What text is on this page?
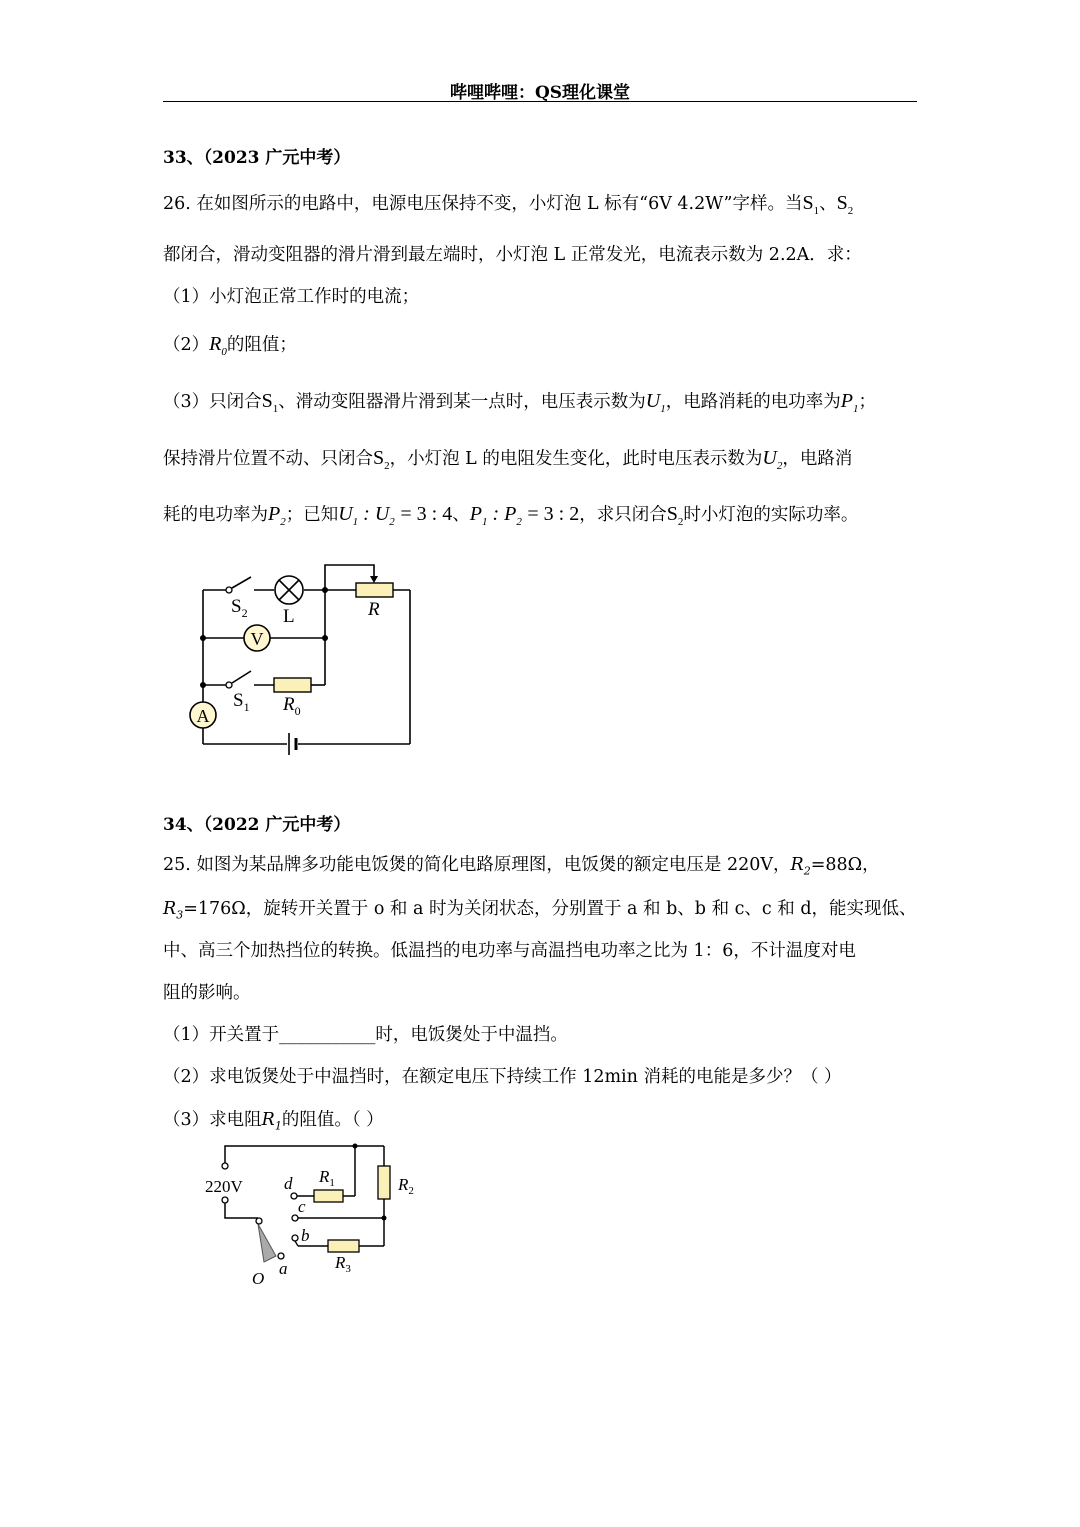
哔哩哔哩：QS理化课堂
33、（2023 广元中考）
26. 在如图所示的电路中，电源电压保持不变，小灯泡 L 标有“6V 4.2W”字样。当$S_1$、$S_2$
都闭合，滑动变阻器的滑片滑到最左端时，小灯泡 L 正常发光，电流表示数为 2.2A．求：
（1）小灯泡正常工作时的电流；
$(2)R_0$的阻值；
（3）只闭合$S_1$、滑动变阻器滑片滑到某一点时，电压表示数为$U_1$，电路消耗的电功率为$P_1$；
保持滑片位置不动、只闭合$S_2$，小灯泡 L 的电阻发生变化，此时电压表示数为$U_2$，电路消
耗的电功率为$P_2$；已知$U_1$ : $U_2 = 3$ : 4、$P_1$ : $P_2 = 3$ : 2，求只闭合$S_2$时小灯泡的实际功率。
V
A
$S_2$ L	R
$S_1$ $R_0$
34、（2022 广元中考）
25. 如图为某品牌多功能电饭煲的简化电路原理图，电饭煲的额定电压是 220V，$R_2=88\Omega$，
$R_3=176\Omega$，旋转开关置于 o 和 a 时为关闭状态，分别置于 a 和 b、b 和 c、c 和 d，能实现低、
中、高三个加热挡位的转换。低温挡的电功率与高温挡电功率之比为 1：6，不计温度对电
阻的影响。
（1）开关置于___________时，电饭煲处于中温挡。
（2）求电饭煲处于中温挡时，在额定电压下持续工作 12min 消耗的电能是多少？（ ）
（3）求电阻$R_1$的阻值。（ ）
220V d
c
b
a
O
$R_1$	$R_2$
$R_3$
